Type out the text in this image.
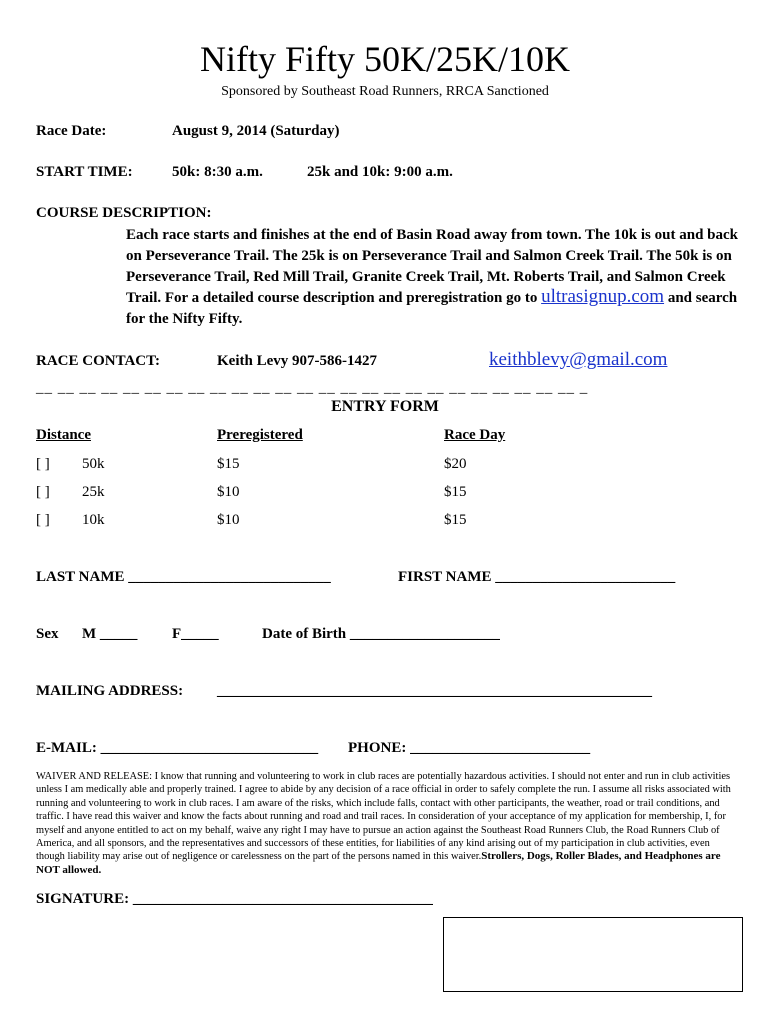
Nifty Fifty 50K/25K/10K
Sponsored by Southeast Road Runners, RRCA Sanctioned
Race Date:	August 9, 2014 (Saturday)
START TIME:	50k: 8:30 a.m.	25k and 10k: 9:00 a.m.
COURSE DESCRIPTION:
Each race starts and finishes at the end of Basin Road away from town. The 10k is out and back on Perseverance Trail. The 25k is on Perseverance Trail and Salmon Creek Trail. The 50k is on Perseverance Trail, Red Mill Trail, Granite Creek Trail, Mt. Roberts Trail, and Salmon Creek Trail. For a detailed course description and preregistration go to ultrasignup.com and search for the Nifty Fifty.
RACE CONTACT:	Keith Levy 907-586-1427	keithblevy@gmail.com
__ __ __ __ __ __ __ __ __ __ __ __ __ __ __ __ __ __ __ __ __ __ __ __ __ _
ENTRY FORM
Distance	Preregistered	Race Day
[ ] 50k	$15	$20
[ ] 25k	$10	$15
[ ] 10k	$10	$15
LAST NAME ___________________________	FIRST NAME ________________________
Sex M _____ F_____	Date of Birth ____________________
MAILING ADDRESS: __________________________________________________________
E-MAIL: _____________________________ PHONE: ________________________
WAIVER AND RELEASE: I know that running and volunteering to work in club races are potentially hazardous activities. I should not enter and run in club activities unless I am medically able and properly trained. I agree to abide by any decision of a race official in order to safely complete the run. I assume all risks associated with running and volunteering to work in club races. I am aware of the risks, which include falls, contact with other participants, the weather, road or trail conditions, and traffic. I have read this waiver and know the facts about running and road and trail races. In consideration of your acceptance of my application for membership, I, for myself and anyone entitled to act on my behalf, waive any right I may have to pursue an action against the Southeast Road Runners Club, the Road Runners Club of America, and all sponsors, and the representatives and successors of these entities, for liabilities of any kind arising out of my participation in club activities, even though liability may arise out of negligence or carelessness on the part of the persons named in this waiver.Strollers, Dogs, Roller Blades, and Headphones are NOT allowed.
SIGNATURE: ________________________________________
